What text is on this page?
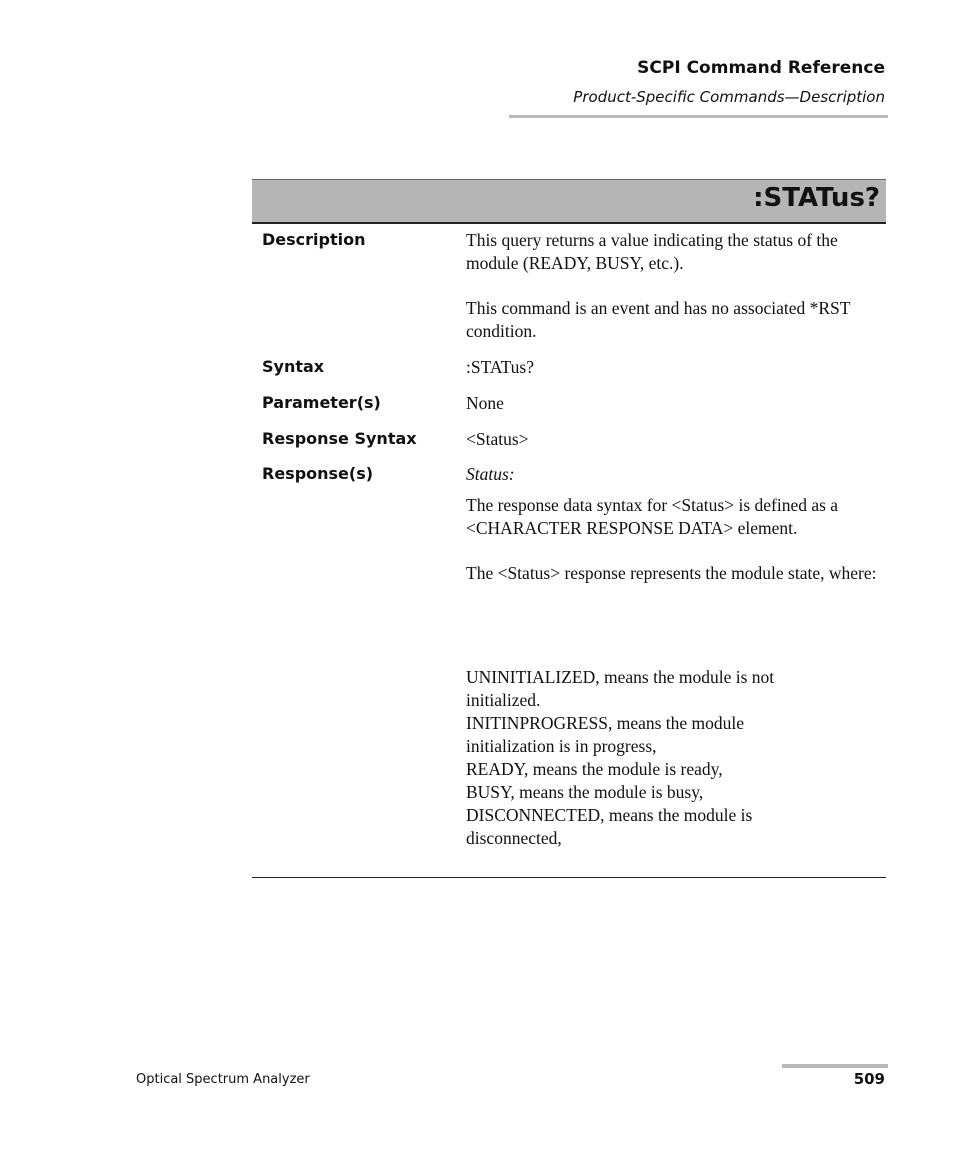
SCPI Command Reference
Product-Specific Commands—Description
:STATus?
Description	This query returns a value indicating the status of the module (READY, BUSY, etc.).

This command is an event and has no associated *RST condition.

Syntax	:STATus?
Parameter(s)	None
Response Syntax	<Status>
Response(s)	Status:

The response data syntax for <Status> is defined as a <CHARACTER RESPONSE DATA> element.

The <Status> response represents the module state, where:

UNINITIALIZED, means the module is not initialized.

INITINPROGRESS, means the module initialization is in progress,

READY, means the module is ready,

BUSY, means the module is busy,

DISCONNECTED, means the module is disconnected,

Optical Spectrum Analyzer	509
